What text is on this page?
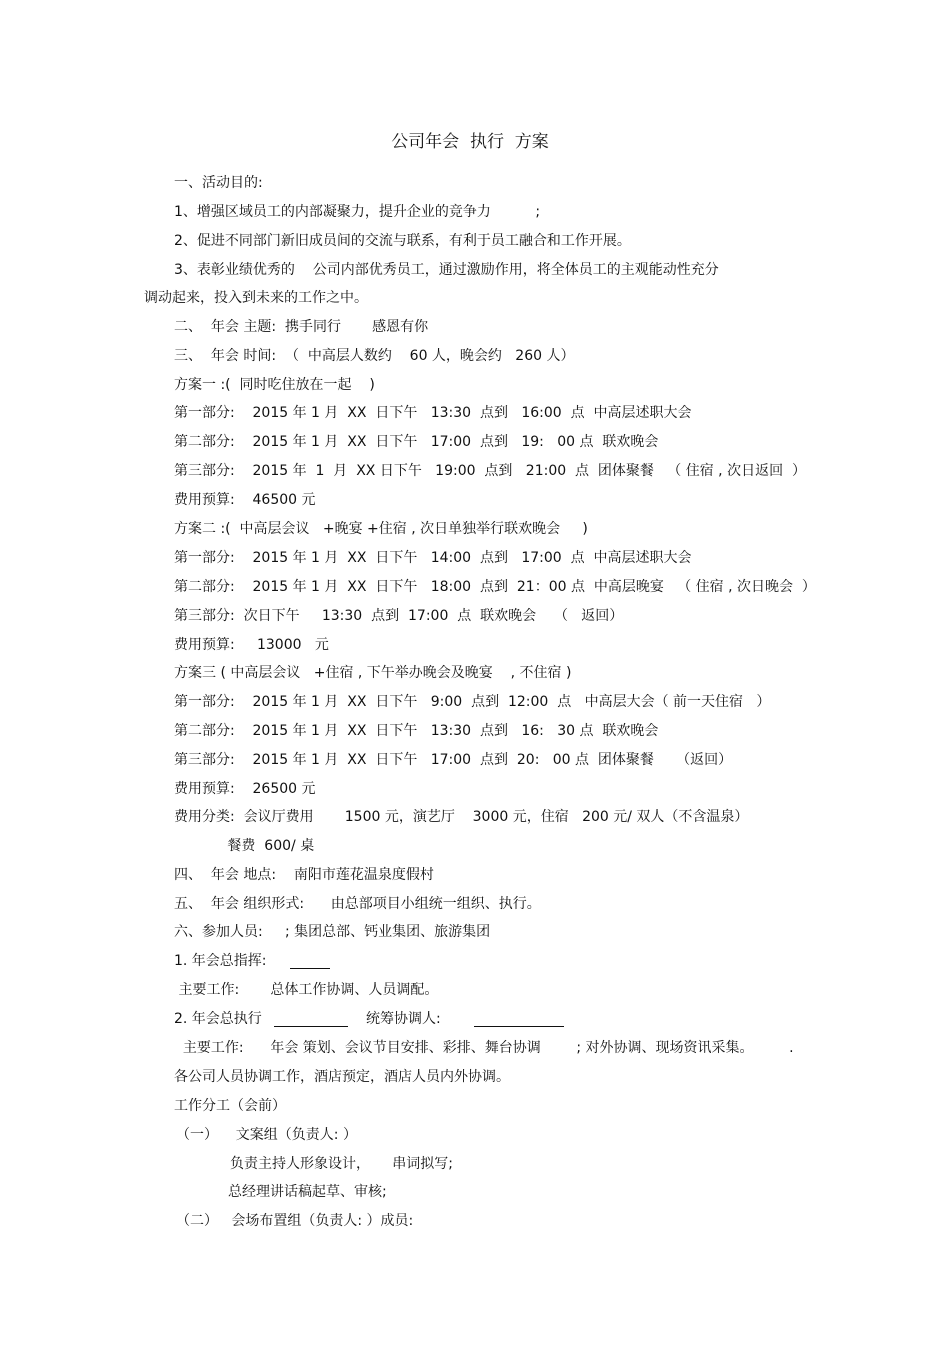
公司年会  执行  方案
一、活动目的:
1、增强区域员工的内部凝聚力，提升企业的竞争力          ;
2、促进不同部门新旧成员间的交流与联系，有利于员工融合和工作开展。
3、表彰业绩优秀的    公司内部优秀员工，通过激励作用，将全体员工的主观能动性充分
调动起来，投入到未来的工作之中。
二、  年会 主题:  携手同行       感恩有你
三、  年会 时间:  （  中高层人数约    60 人，晚会约   260 人）
方案一 :(  同时吃住放在一起    )
第一部分:    2015 年 1 月  XX  日下午   13:30  点到   16:00  点  中高层述职大会
第二部分:    2015 年 1 月  XX  日下午   17:00  点到   19:   00 点  联欢晚会
第三部分:    2015 年  1  月  XX 日下午   19:00  点到   21:00  点  团体聚餐   （ 住宿 , 次日返回  ）
费用预算:    46500 元
方案二 :(  中高层会议   +晚宴 +住宿 , 次日单独举行联欢晚会     )
第一部分:    2015 年 1 月  XX  日下午   14:00  点到   17:00  点  中高层述职大会
第二部分:    2015 年 1 月  XX  日下午   18:00  点到  21：00 点  中高层晚宴   （ 住宿 , 次日晚会  ）
第三部分:  次日下午     13:30  点到  17:00  点  联欢晚会    （   返回）
费用预算:     13000   元
方案三 ( 中高层会议   +住宿 , 下午举办晚会及晚宴    , 不住宿 )
第一部分:    2015 年 1 月  XX  日下午   9:00  点到  12:00  点   中高层大会（ 前一天住宿   ）
第二部分:    2015 年 1 月  XX  日下午   13:30  点到   16:   30 点  联欢晚会
第三部分:    2015 年 1 月  XX  日下午   17:00  点到  20:   00 点  团体聚餐     （返回）
费用预算:    26500 元
费用分类:  会议厅费用       1500 元，演艺厅    3000 元，住宿   200 元/ 双人（不含温泉）
餐费  600/ 桌
四、  年会 地点:    南阳市莲花温泉度假村
五、  年会 组织形式:      由总部项目小组统一组织、执行。
六、参加人员:     ; 集团总部、钙业集团、旅游集团
1. 年会总指挥:
主要工作:       总体工作协调、人员调配。
2. 年会总执行	统筹协调人:
主要工作:      年会 策划、会议节目安排、彩排、舞台协调        ; 对外协调、现场资讯采集。        .
各公司人员协调工作，酒店预定，酒店人员内外协调。
工作分工（会前）
（一）    文案组（负责人: ）
负责主持人形象设计，     串词拟写;
总经理讲话稿起草、审核;
（二）   会场布置组（负责人: ）成员:
